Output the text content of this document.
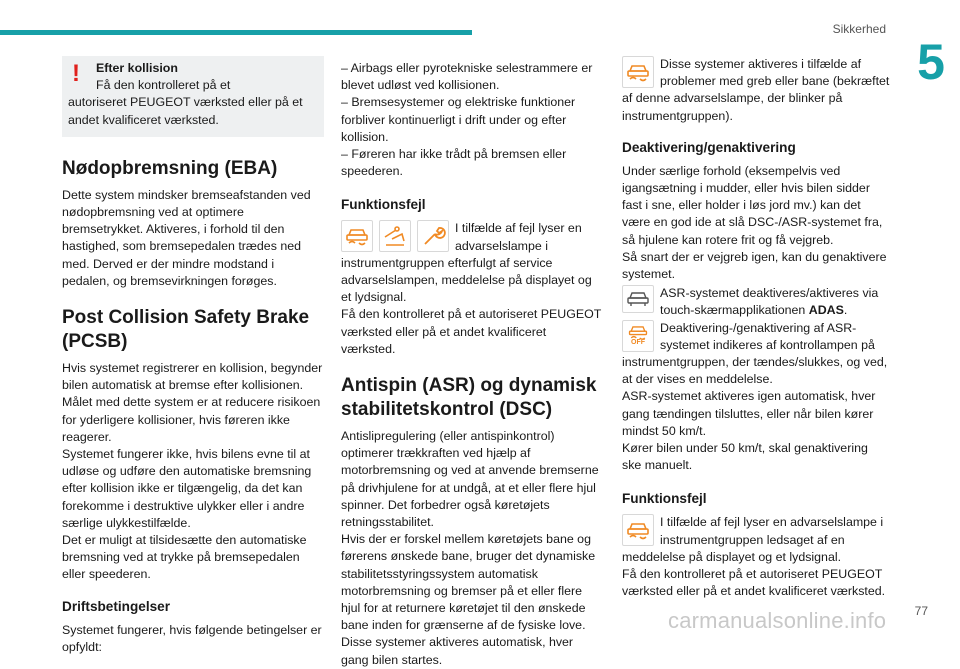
Sikkerhed
5
!	Efter kollision

Få den kontrolleret på et

autoriseret PEUGEOT værksted eller på et andet kvalificeret værksted.

Nødopbremsning (EBA)

Dette system mindsker bremseafstanden ved nødopbremsning ved at optimere bremsetrykket. Aktiveres, i forhold til den hastighed, som bremsepedalen trædes ned med. Derved er der mindre modstand i pedalen, og bremsevirkningen forøges.

Post Collision Safety Brake (PCSB)

Hvis systemet registrerer en kollision, begynder bilen automatisk at bremse efter kollisionen. Målet med dette system er at reducere risikoen for yderligere kollisioner, hvis føreren ikke reagerer.

Systemet fungerer ikke, hvis bilens evne til at udløse og udføre den automatiske bremsning efter kollision ikke er tilgængelig, da det kan forekomme i destruktive ulykker eller i andre særlige ulykkestilfælde.

Det er muligt at tilsidesætte den automatiske bremsning ved at trykke på bremsepedalen eller speederen.

Driftsbetingelser

Systemet fungerer, hvis følgende betingelser er opfyldt:

– Airbags eller pyrotekniske selestrammere er blevet udløst ved kollisionen.

– Bremsesystemer og elektriske funktioner forbliver kontinuerligt i drift under og efter kollision.

– Føreren har ikke trådt på bremsen eller speederen.

Funktionsfejl
I tilfælde af fejl lyser en advarselslampe i instrumentgruppen efterfulgt af service advarselslampen, meddelelse på displayet og et lydsignal.

Få den kontrolleret på et autoriseret PEUGEOT værksted eller på et andet kvalificeret værksted.

Antispin (ASR) og dynamisk stabilitetskontrol (DSC)

Antislipregulering (eller antispinkontrol) optimerer trækkraften ved hjælp af motorbremsning og ved at anvende bremserne på drivhjulene for at undgå, at et eller flere hjul spinner. Det forbedrer også køretøjets retningsstabilitet.

Hvis der er forskel mellem køretøjets bane og førerens ønskede bane, bruger det dynamiske stabilitetsstyringssystem automatisk motorbremsning og bremser på et eller flere hjul for at returnere køretøjet til den ønskede bane inden for grænserne af de fysiske love.

Disse systemer aktiveres automatisk, hver gang bilen startes.

Disse systemer aktiveres i tilfælde af problemer med greb eller bane (bekræftet af denne advarselslampe, der blinker på instrumentgruppen).
Deaktivering/genaktivering

Under særlige forhold (eksempelvis ved igangsætning i mudder, eller hvis bilen sidder fast i sne, eller holder i løs jord mv.) kan det være en god ide at slå DSC-/ASR-systemet fra, så hjulene kan rotere frit og få vejgreb.

Så snart der er vejgreb igen, kan du genaktivere systemet.

ASR-systemet deaktiveres/aktiveres via touch-skærmapplikationen ADAS.
OFF
Deaktivering-/genaktivering af ASR-systemet indikeres af kontrollampen på instrumentgruppen, der tændes/slukkes, og ved, at der vises en meddelelse.

ASR-systemet aktiveres igen automatisk, hver gang tændingen tilsluttes, eller når bilen kører mindst 50 km/t.

Kører bilen under 50 km/t, skal genaktivering ske manuelt.

Funktionsfejl
I tilfælde af fejl lyser en advarselslampe i instrumentgruppen ledsaget af en meddelelse på displayet og et lydsignal.

Få den kontrolleret på et autoriseret PEUGEOT værksted eller på et andet kvalificeret værksted.

77
carmanualsonline.info
